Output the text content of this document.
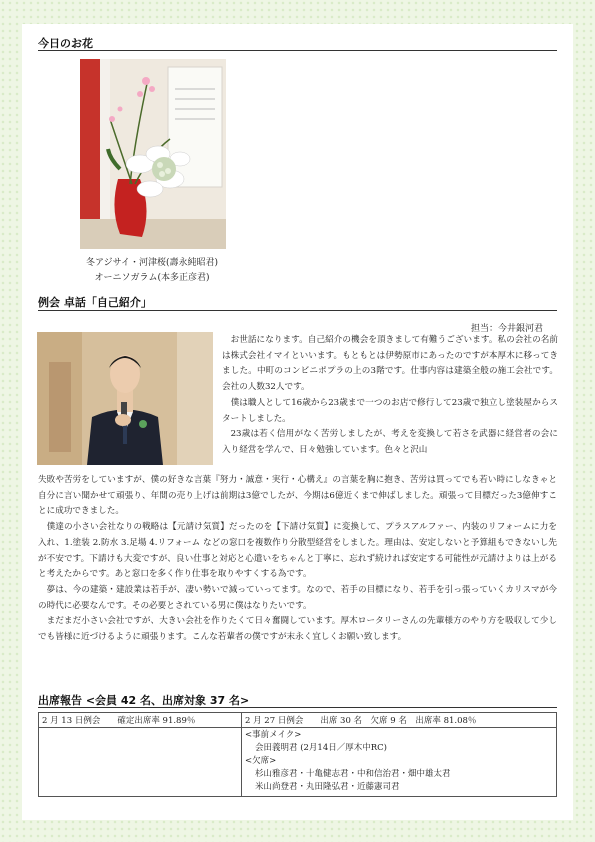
今日のお花
冬アジサイ・河津桜(壽永純昭君)
オーニソガラム(本多正彦君)
例会 卓話「自己紹介」
担当：今井銀河君

お世話になります。自己紹介の機会を頂きまして有難うございます。私の会社の名前は株式会社イマイといいます。もともとは伊勢原市にあったのですが本厚木に移ってきました。中町のコンビニポプラの上の3階です。仕事内容は建築全般の施工会社です。会社の人数32人です。

僕は職人として16歳から23歳まで一つのお店で修行して23歳で独立し塗装屋からスタートしました。

23歳は若く信用がなく苦労しましたが、考えを変換して若さを武器に経営者の会に入り経営を学んで、日々勉強しています。色々と沢山

失敗や苦労をしていますが、僕の好きな言葉『努力・誠意・実行・心構え』の言葉を胸に抱き、苦労は買ってでも若い時にしなきゃと自分に言い聞かせて頑張り、年間の売り上げは前期は3億でしたが、今期は6億近くまで伸ばしました。頑張って目標だった3億伸すことに成功できました。

僕達の小さい会社なりの戦略は【元請け気質】だったのを【下請け気質】に変換して、プラスアルファー、内装のリフォームに力を入れ、1.塗装 2.防水 3.足場 4.リフォーム などの窓口を複数作り分散型経営をしました。理由は、安定しないと予算組もできないし先が不安です。下請けも大変ですが、良い仕事と対応と心遣いをちゃんと丁寧に、忘れず続ければ安定する可能性が元請けよりは上がると考えたからです。あと窓口を多く作り仕事を取りやすくする為です。

夢は、今の建築・建設業は若手が、凄い勢いで減っていってます。なので、若手の目標になり、若手を引っ張っていくカリスマが今の時代に必要なんです。その必要とされている男に僕はなりたいです。

まだまだ小さい会社ですが、大きい会社を作りたくて日々奮闘しています。厚木ロータリーさんの先輩様方のやり方を吸収して少しでも皆様に近づけるように頑張ります。こんな若輩者の僕ですが末永く宜しくお願い致します。

出席報告 <会員 42 名、出席対象 37 名>
2 月 13 日例会　　確定出席率 91.89％	2 月 27 日例会　　出席 30 名　欠席 9 名　出席率 81.08％

	<事前メイク>
会田義明君 (2月14日／厚木中RC)
<欠席>
杉山雅彦君・十亀健志君・中和信治君・畑中雄太君
米山尚登君・丸田隆弘君・近藤憲司君
